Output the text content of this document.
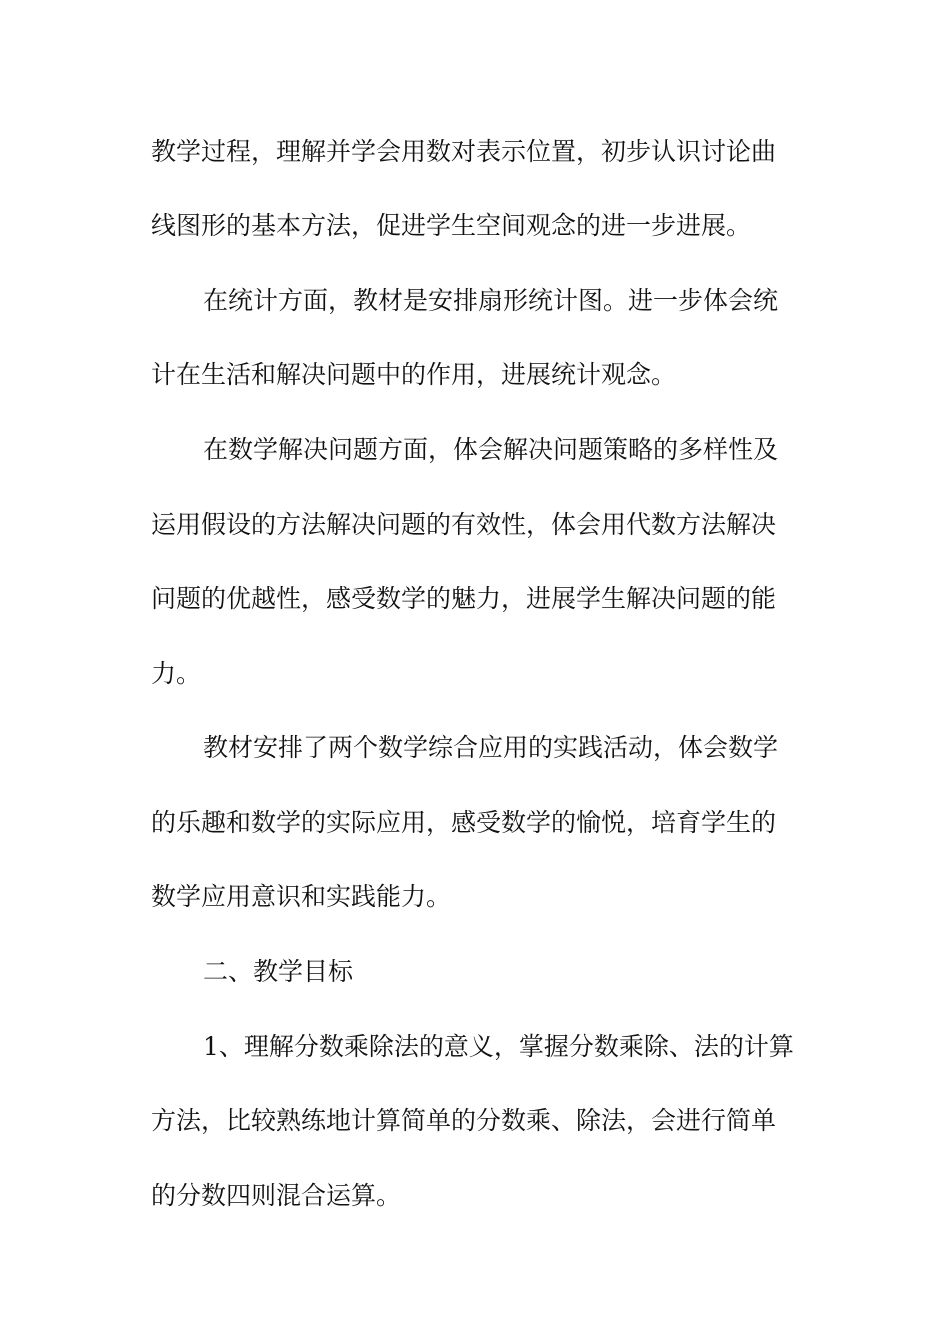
教学过程，理解并学会用数对表示位置，初步认识讨论曲
线图形的基本方法，促进学生空间观念的进一步进展。
在统计方面，教材是安排扇形统计图。进一步体会统
计在生活和解决问题中的作用，进展统计观念。
在数学解决问题方面，体会解决问题策略的多样性及
运用假设的方法解决问题的有效性，体会用代数方法解决
问题的优越性，感受数学的魅力，进展学生解决问题的能
力。
教材安排了两个数学综合应用的实践活动，体会数学
的乐趣和数学的实际应用，感受数学的愉悦，培育学生的
数学应用意识和实践能力。
二、教学目标
1、理解分数乘除法的意义，掌握分数乘除、法的计算
方法，比较熟练地计算简单的分数乘、除法，会进行简单
的分数四则混合运算。
